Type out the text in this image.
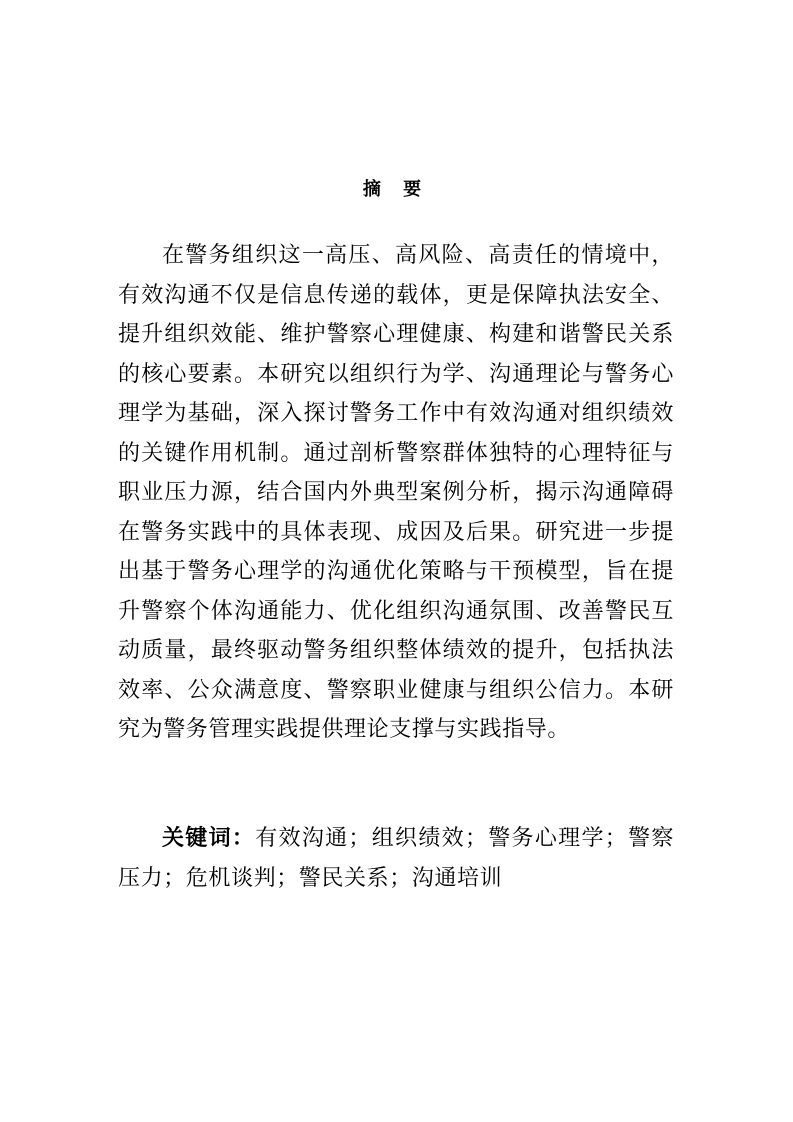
摘 要

在警务组织这一高压、高风险、高责任的情境中，有效沟通不仅是信息传递的载体，更是保障执法安全、提升组织效能、维护警察心理健康、构建和谐警民关系的核心要素。本研究以组织行为学、沟通理论与警务心理学为基础，深入探讨警务工作中有效沟通对组织绩效的关键作用机制。通过剖析警察群体独特的心理特征与职业压力源，结合国内外典型案例分析，揭示沟通障碍在警务实践中的具体表现、成因及后果。研究进一步提出基于警务心理学的沟通优化策略与干预模型，旨在提升警察个体沟通能力、优化组织沟通氛围、改善警民互动质量，最终驱动警务组织整体绩效的提升，包括执法效率、公众满意度、警察职业健康与组织公信力。本研究为警务管理实践提供理论支撑与实践指导。

关键词：有效沟通；组织绩效；警务心理学；警察压力；危机谈判；警民关系；沟通培训
